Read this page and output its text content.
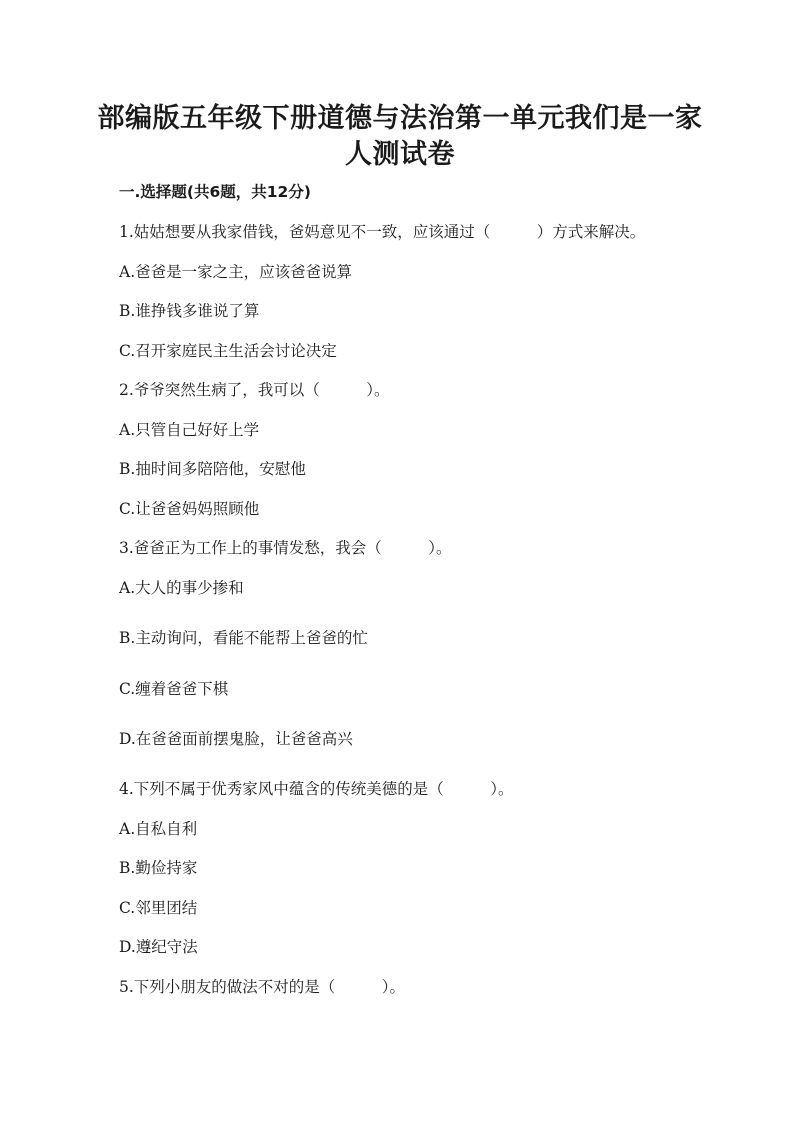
部编版五年级下册道德与法治第一单元我们是一家
人测试卷

一.选择题(共6题，共12分)

1.姑姑想要从我家借钱，爸妈意见不一致，应该通过（　　　）方式来解决。

A.爸爸是一家之主，应该爸爸说算

B.谁挣钱多谁说了算

C.召开家庭民主生活会讨论决定

2.爷爷突然生病了，我可以（　　　）。

A.只管自己好好上学

B.抽时间多陪陪他，安慰他

C.让爸爸妈妈照顾他

3.爸爸正为工作上的事情发愁，我会（　　　）。

A.大人的事少掺和

B.主动询问，看能不能帮上爸爸的忙

C.缠着爸爸下棋

D.在爸爸面前摆鬼脸，让爸爸高兴

4.下列不属于优秀家风中蕴含的传统美德的是（　　　）。

A.自私自利

B.勤俭持家

C.邻里团结

D.遵纪守法

5.下列小朋友的做法不对的是（　　　）。
